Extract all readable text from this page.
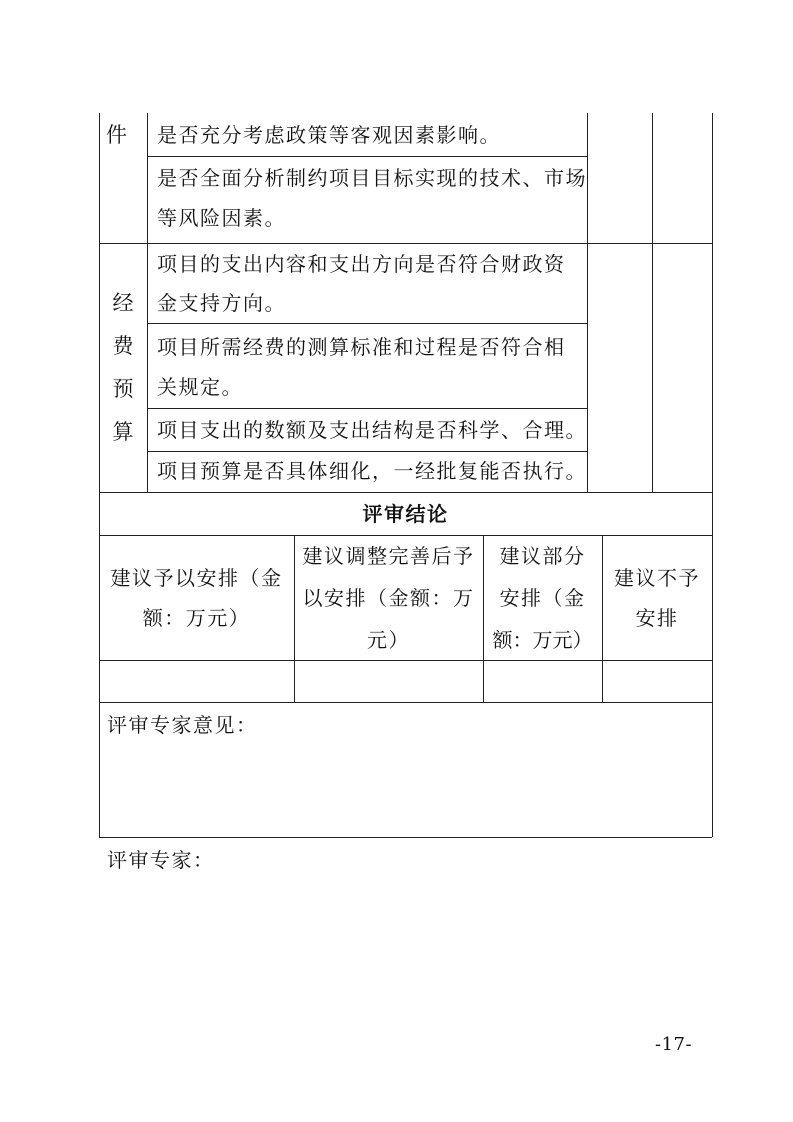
件 是否充分考虑政策等客观因素影响。
是否全面分析制约项目目标实现的技术、市场
等风险因素。
经
费
预
算
项目的支出内容和支出方向是否符合财政资
金支持方向。
项目所需经费的测算标准和过程是否符合相
关规定。
项目支出的数额及支出结构是否科学、合理。
项目预算是否具体细化，一经批复能否执行。
评审结论
建议予以安排（金
额：万元）
建议调整完善后予
以安排（金额：万
元）
建议部分
安排（金
额：万元）
建议不予
安排
评审专家意见：
评审专家：
-17-
